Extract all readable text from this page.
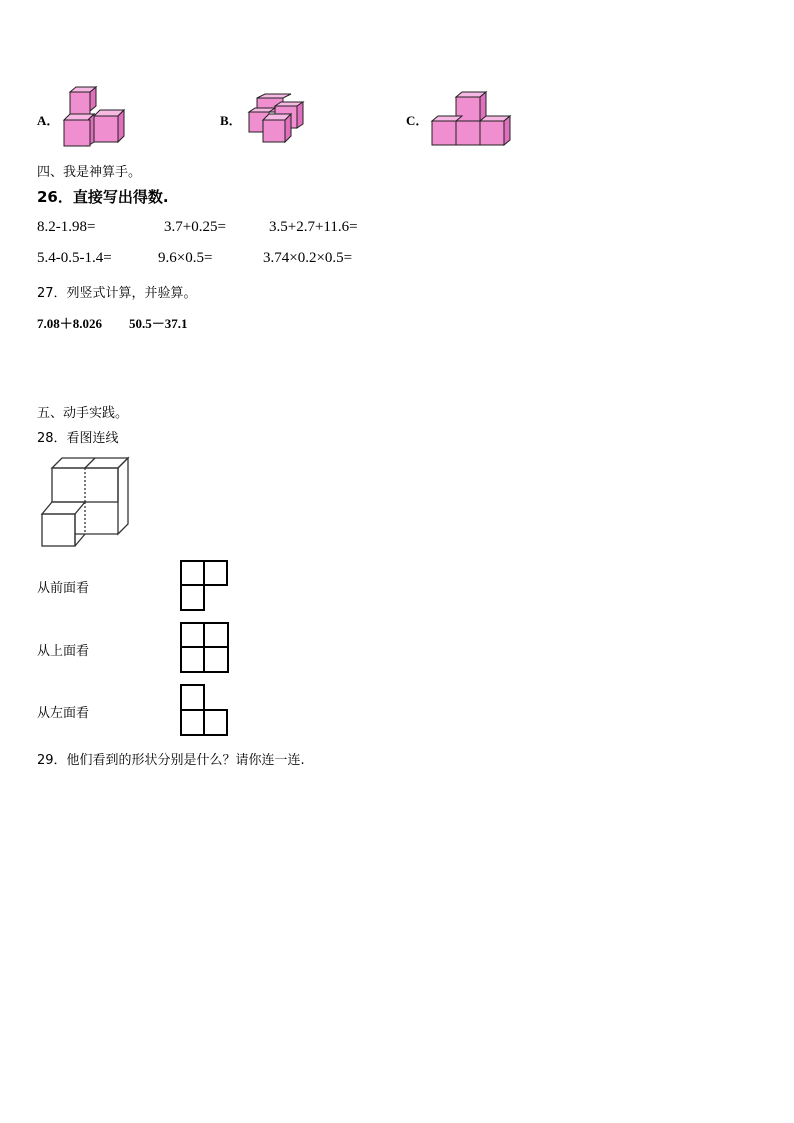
A．	B．	C．
四、我是神算手。
26．直接写出得数.
8.2-1.98=	3.7+0.25=	3.5+2.7+11.6=
5.4-0.5-1.4=	9.6×0.5=	3.74×0.2×0.5=
27．列竖式计算，并验算。
7.08＋8.026 50.5－37.1
五、动手实践。
28．看图连线
从前面看
从上面看
从左面看
29．他们看到的形状分别是什么？请你连一连.
